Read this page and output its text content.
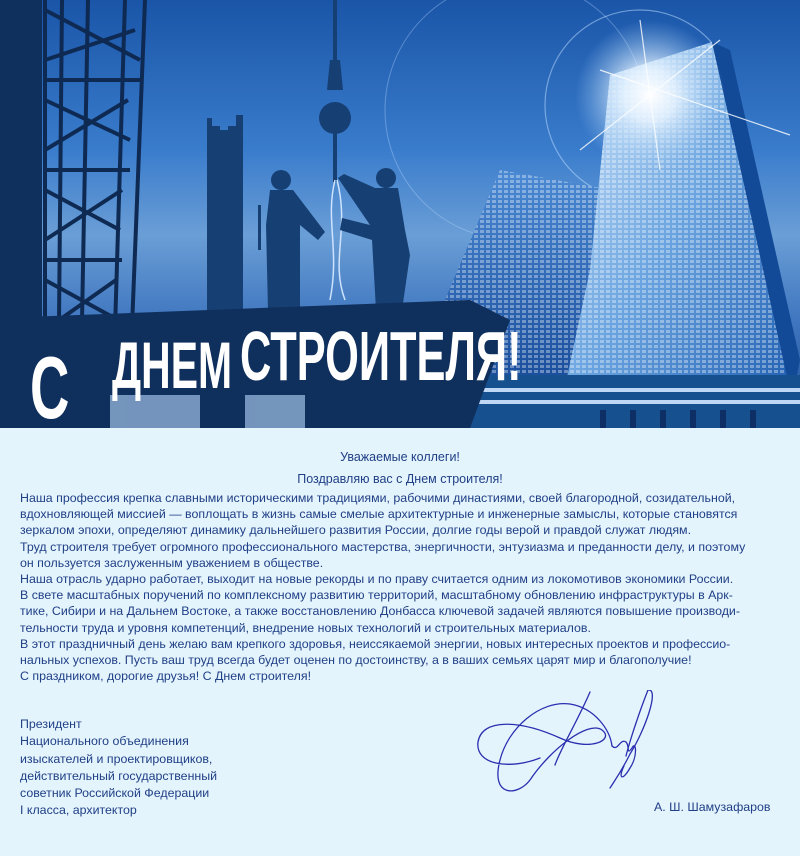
С ДНЕМ СТРОИТЕЛЯ!
Уважаемые коллеги!
Поздравляю вас с Днем строителя!

Наша профессия крепка славными историческими традициями, рабочими династиями, своей благородной, созидательной,

вдохновляющей миссией — воплощать в жизнь самые смелые архитектурные и инженерные замыслы, которые становятся

зеркалом эпохи, определяют динамику дальнейшего развития России, долгие годы верой и правдой служат людям.

Труд строителя требует огромного профессионального мастерства, энергичности, энтузиазма и преданности делу, и поэтому

он пользуется заслуженным уважением в обществе.

Наша отрасль ударно работает, выходит на новые рекорды и по праву считается одним из локомотивов экономики России.

В свете масштабных поручений по комплексному развитию территорий, масштабному обновлению инфраструктуры в Арк-

тике, Сибири и на Дальнем Востоке, а также восстановлению Донбасса ключевой задачей являются повышение производи-

тельности труда и уровня компетенций, внедрение новых технологий и строительных материалов.

В этот праздничный день желаю вам крепкого здоровья, неиссякаемой энергии, новых интересных проектов и профессио-

нальных успехов. Пусть ваш труд всегда будет оценен по достоинству, а в ваших семьях царят мир и благополучие!

С праздником, дорогие друзья! С Днем строителя!

Президент
Национального объединения
изыскателей и проектировщиков,
действительный государственный
советник Российской Федерации
I класса, архитектор	А. Ш. Шамузафаров
